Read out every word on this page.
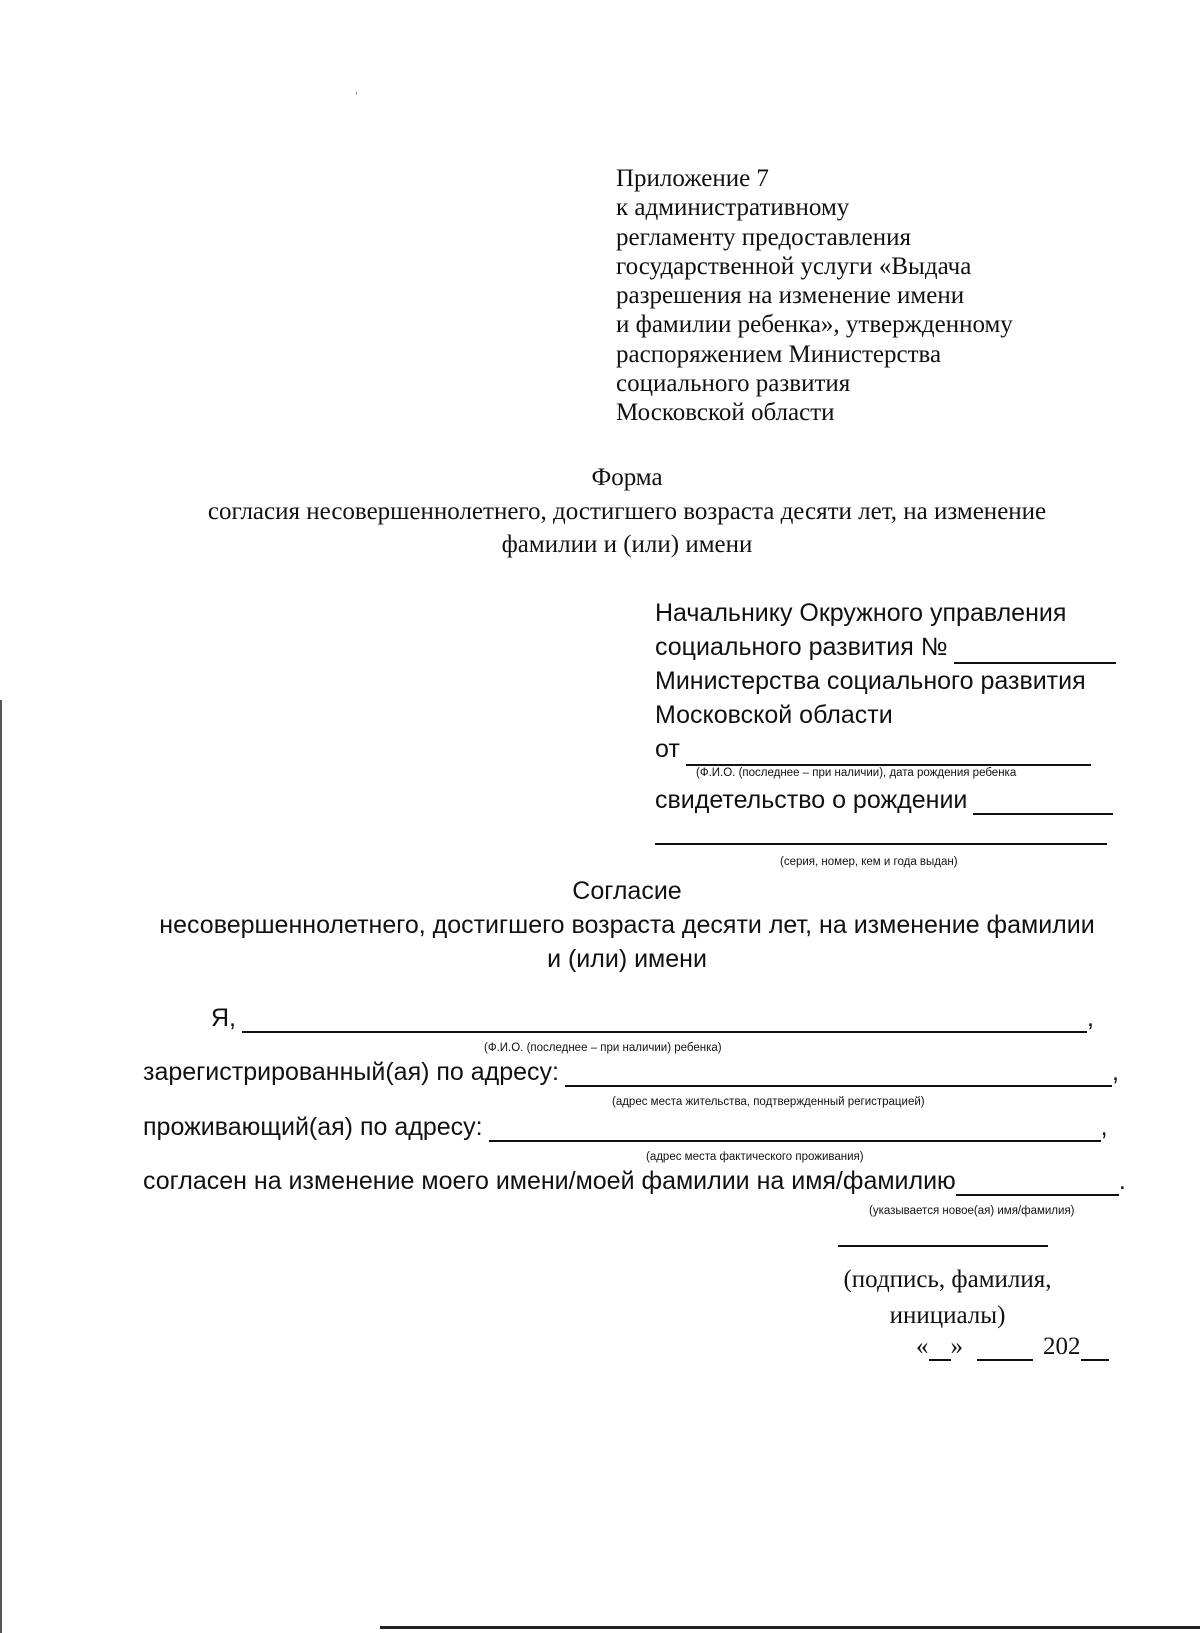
Приложение 7
к административному
регламенту предоставления
государственной услуги «Выдача
разрешения на изменение имени
и фамилии ребенка», утвержденному
распоряжением Министерства
социального развития
Московской области
Форма
согласия несовершеннолетнего, достигшего возраста десяти лет, на изменение
фамилии и (или) имени
Начальнику Окружного управления
социального развития №
Министерства социального развития
Московской области
от
(Ф.И.О. (последнее – при наличии), дата рождения ребенка
свидетельство о рождении
(серия, номер, кем и года выдан)
Согласие
несовершеннолетнего, достигшего возраста десяти лет, на изменение фамилии
и (или) имени
Я,	,
(Ф.И.О. (последнее – при наличии) ребенка)
зарегистрированный(ая) по адресу:	,
(адрес места жительства, подтвержденный регистрацией)
проживающий(ая) по адресу:	,
(адрес места фактического проживания)
согласен на изменение моего имени/моей фамилии на имя/фамилию	.
(указывается новое(ая) имя/фамилия)
(подпись, фамилия,
инициалы)
« »	202
